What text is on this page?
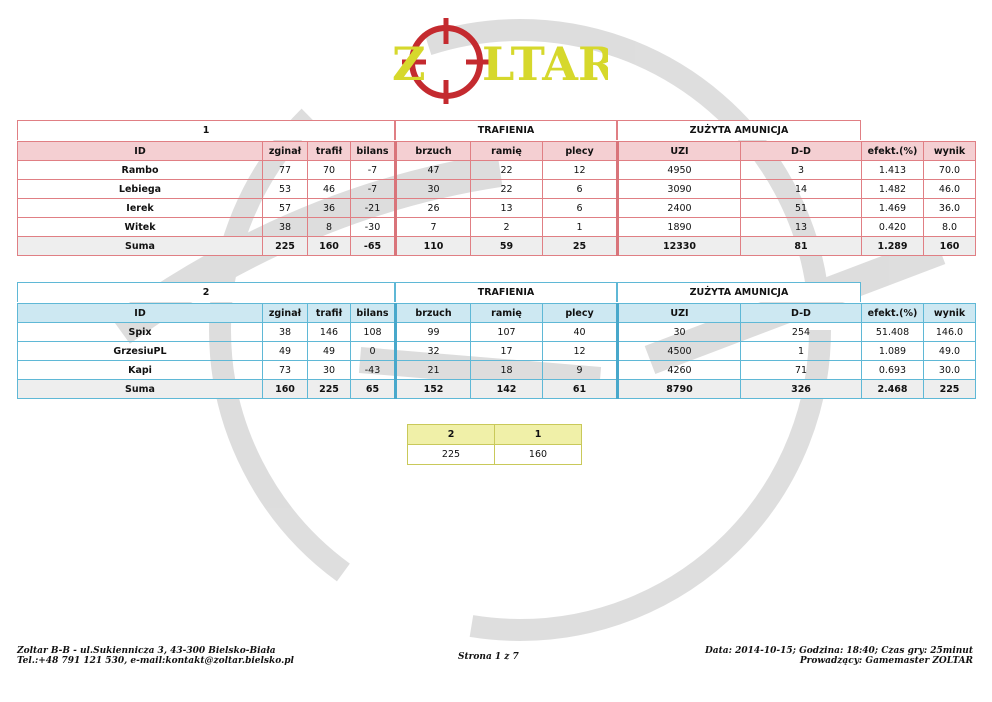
Z LTAR
1	TRAFIENIA	ZUŻYTA AMUNICJA
ID	zginał	trafił	bilans	brzuch	ramię	plecy	UZI	D-D	efekt.(%)	wynik
Rambo	77	70	-7	47	22	12	4950	3	1.413	70.0
Lebiega	53	46	-7	30	22	6	3090	14	1.482	46.0
Ierek	57	36	-21	26	13	6	2400	51	1.469	36.0
Witek	38	8	-30	7	2	1	1890	13	0.420	8.0
Suma	225	160	-65	110	59	25	12330	81	1.289	160
2	TRAFIENIA	ZUŻYTA AMUNICJA
ID	zginał	trafił	bilans	brzuch	ramię	plecy	UZI	D-D	efekt.(%)	wynik
Spix	38	146	108	99	107	40	30	254	51.408	146.0
GrzesiuPL	49	49	0	32	17	12	4500	1	1.089	49.0
Kapi	73	30	-43	21	18	9	4260	71	0.693	30.0
Suma	160	225	65	152	142	61	8790	326	2.468	225
2	1
225	160
Zoltar B-B - ul.Sukiennicza 3, 43-300 Bielsko-Biała
Tel.:+48 791 121 530, e-mail:kontakt@zoltar.bielsko.pl	Strona 1 z 7
Data: 2014-10-15; Godzina: 18:40; Czas gry: 25minut
Prowadzący: Gamemaster ZOLTAR
